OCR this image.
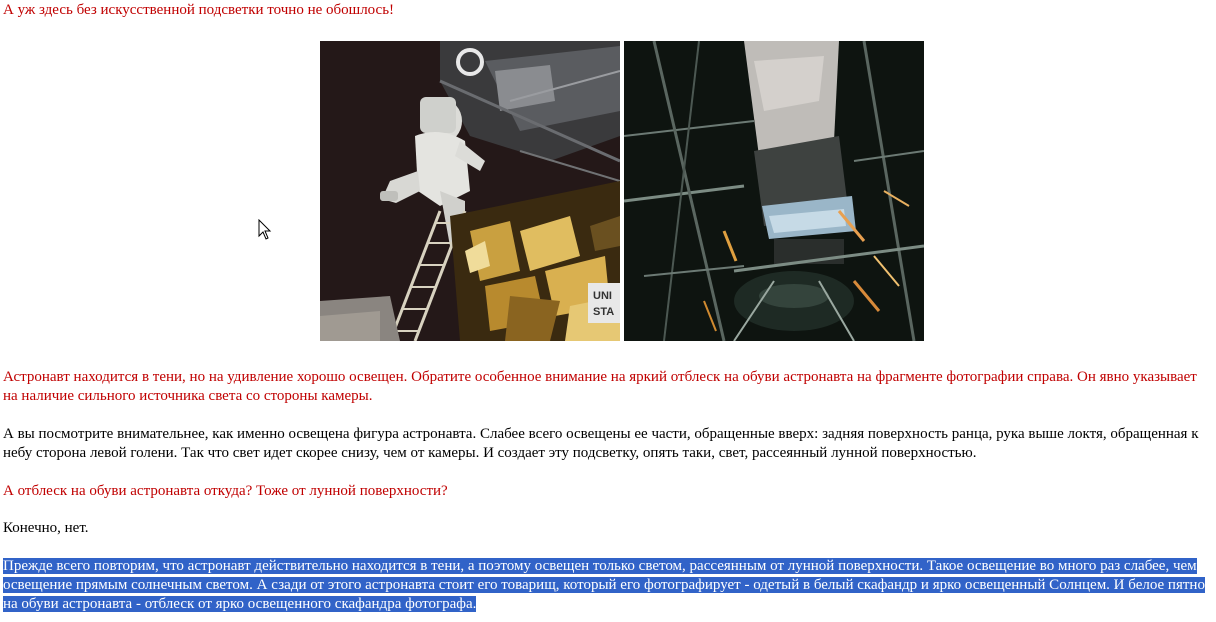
А уж здесь без искусственной подсветки точно не обошлось!

UNI
STA

Астронавт находится в тени, но на удивление хорошо освещен. Обратите особенное внимание на яркий отблеск на обуви астронавта на фрагменте фотографии справа. Он явно указывает на наличие сильного источника света со стороны камеры.

А вы посмотрите внимательнее, как именно освещена фигура астронавта. Слабее всего освещены ее части, обращенные вверх: задняя поверхность ранца, рука выше локтя, обращенная к небу сторона левой голени. Так что свет идет скорее снизу, чем от камеры. И создает эту подсветку, опять таки, свет, рассеянный лунной поверхностью.

А отблеск на обуви астронавта откуда? Тоже от лунной поверхности?

Конечно, нет.

Прежде всего повторим, что астронавт действительно находится в тени, а поэтому освещен только светом, рассеянным от лунной поверхности. Такое освещение во много раз слабее, чем освещение прямым солнечным светом. А сзади от этого астронавта стоит его товарищ, который его фотографирует - одетый в белый скафандр и ярко освещенный Солнцем. И белое пятно на обуви астронавта - отблеск от ярко освещенного скафандра фотографа.
